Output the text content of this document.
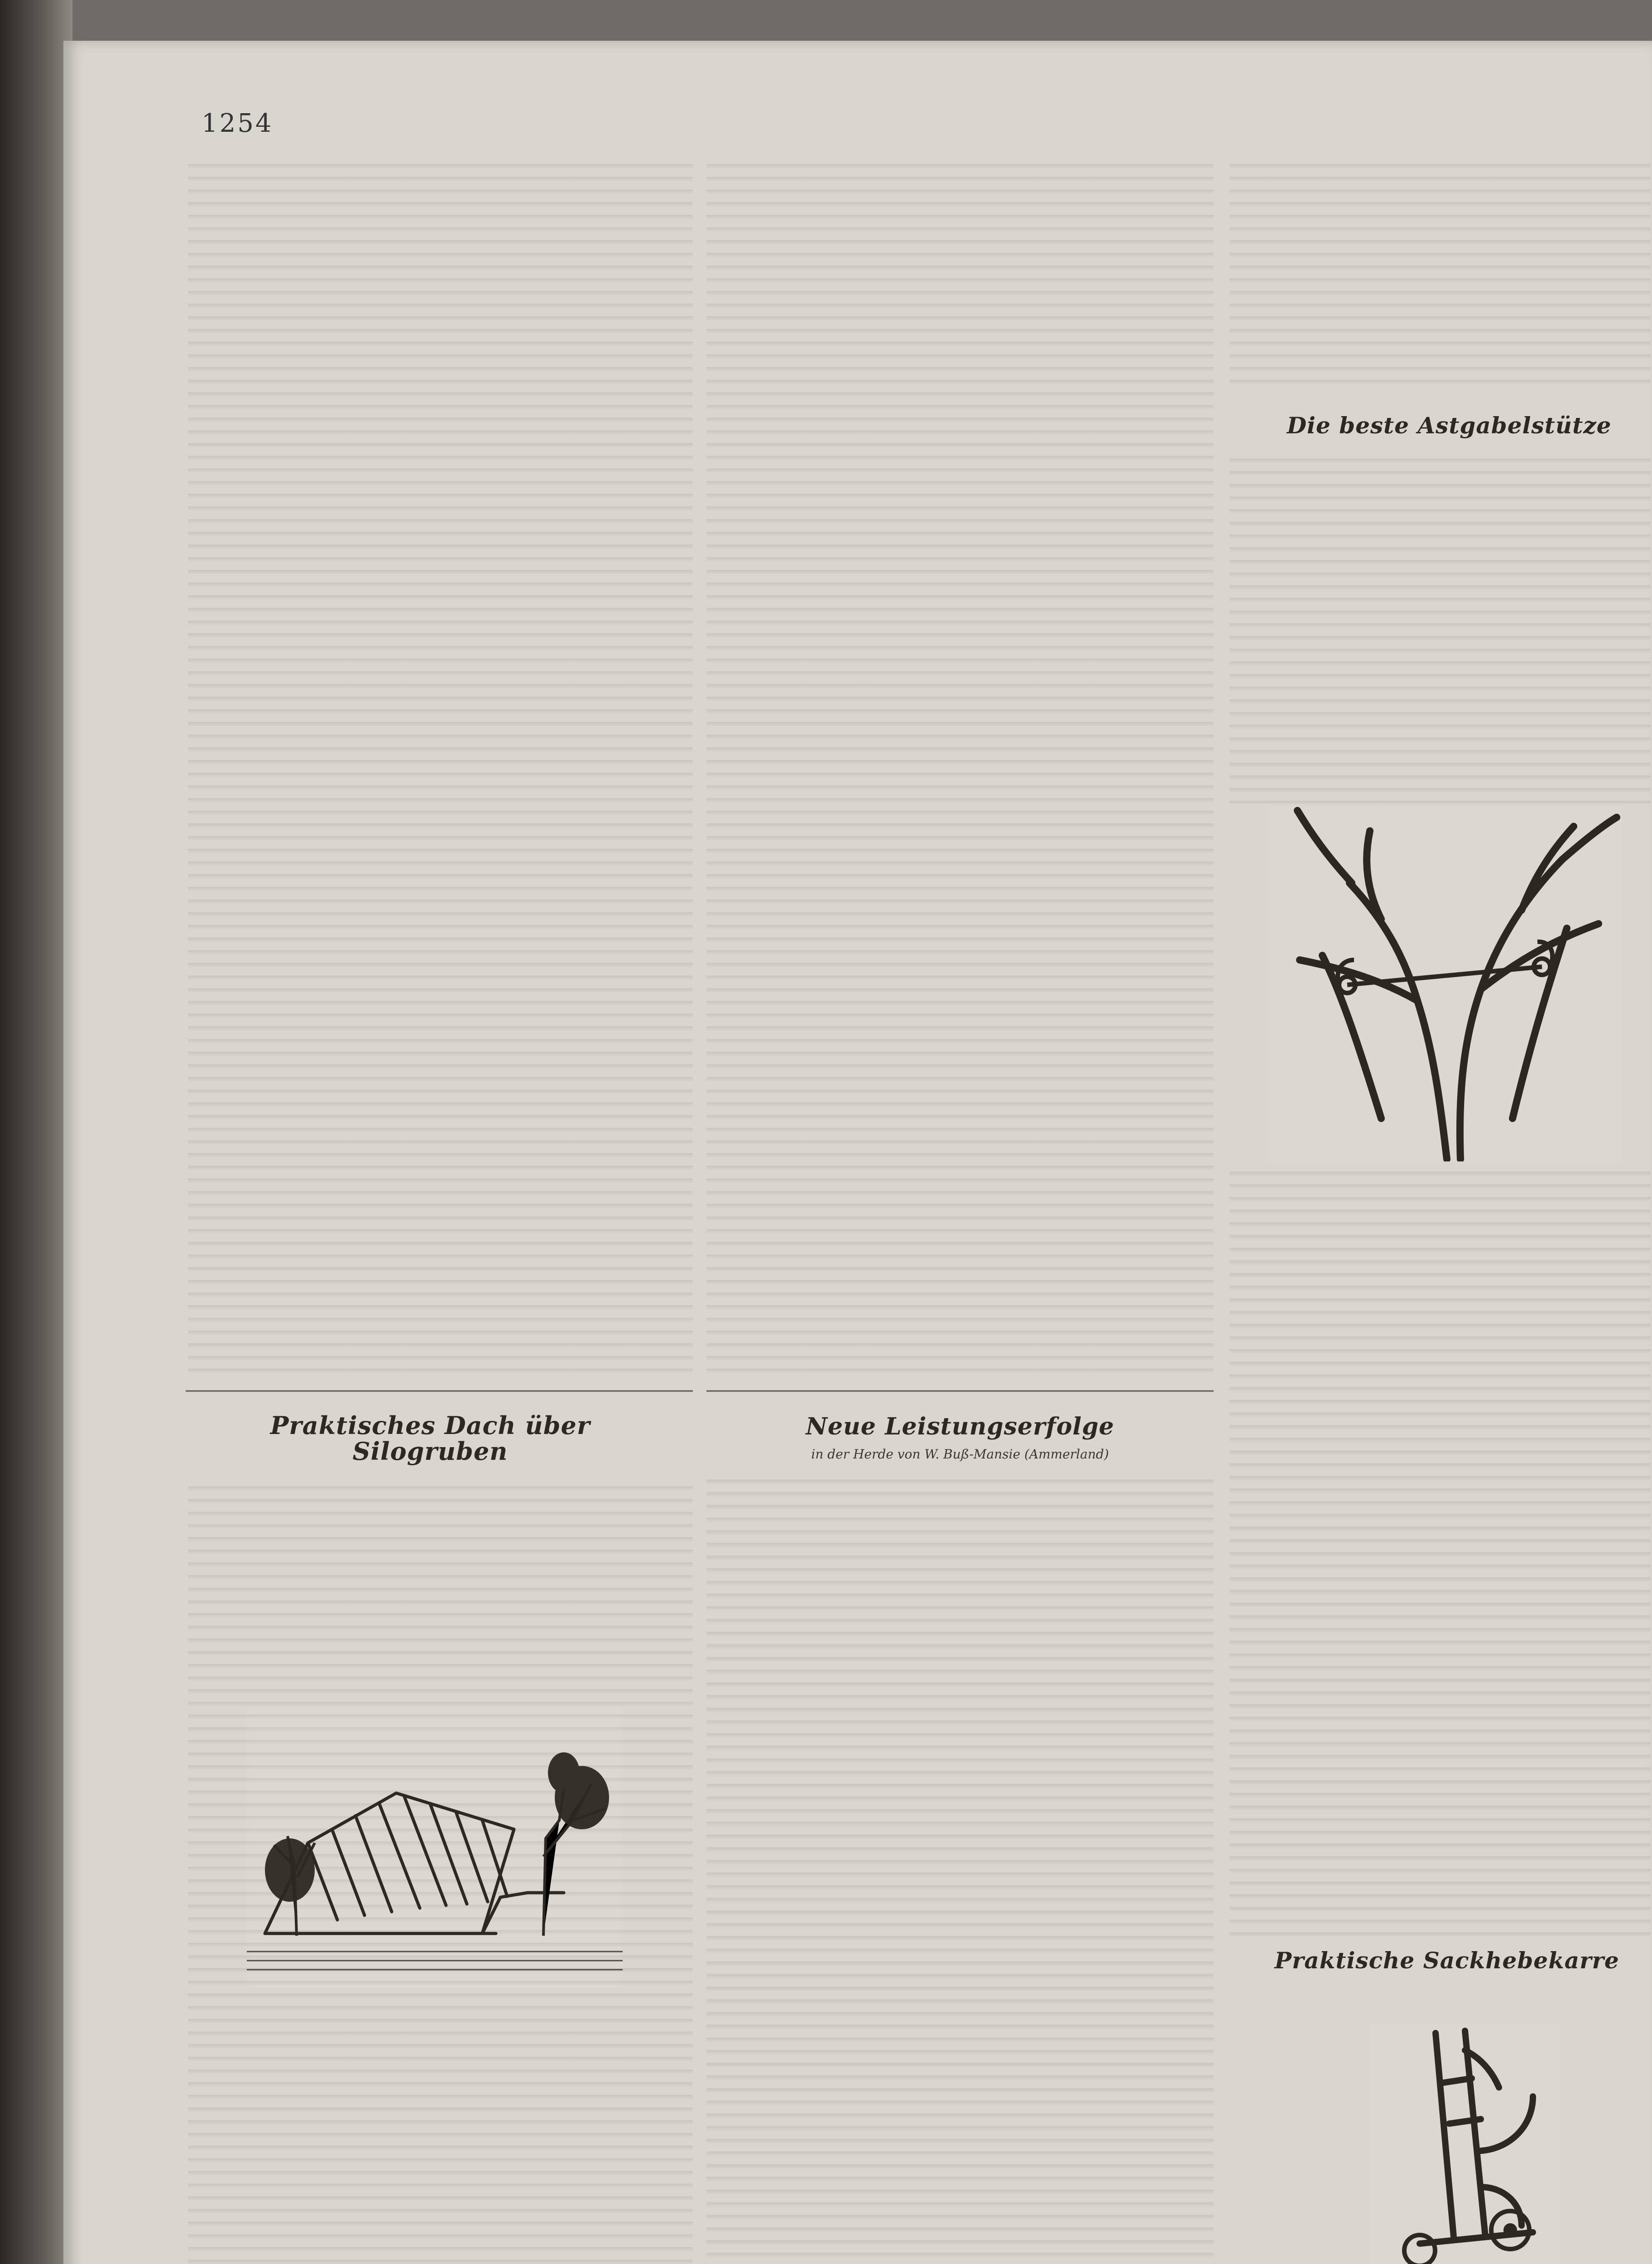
1254
Die beste Astgabelstütze
Praktisches Dach über Silogruben
Neue Leistungserfolge
in der Herde von W. Buß-Mansie (Ammerland)
Praktische Sackhebekarre
